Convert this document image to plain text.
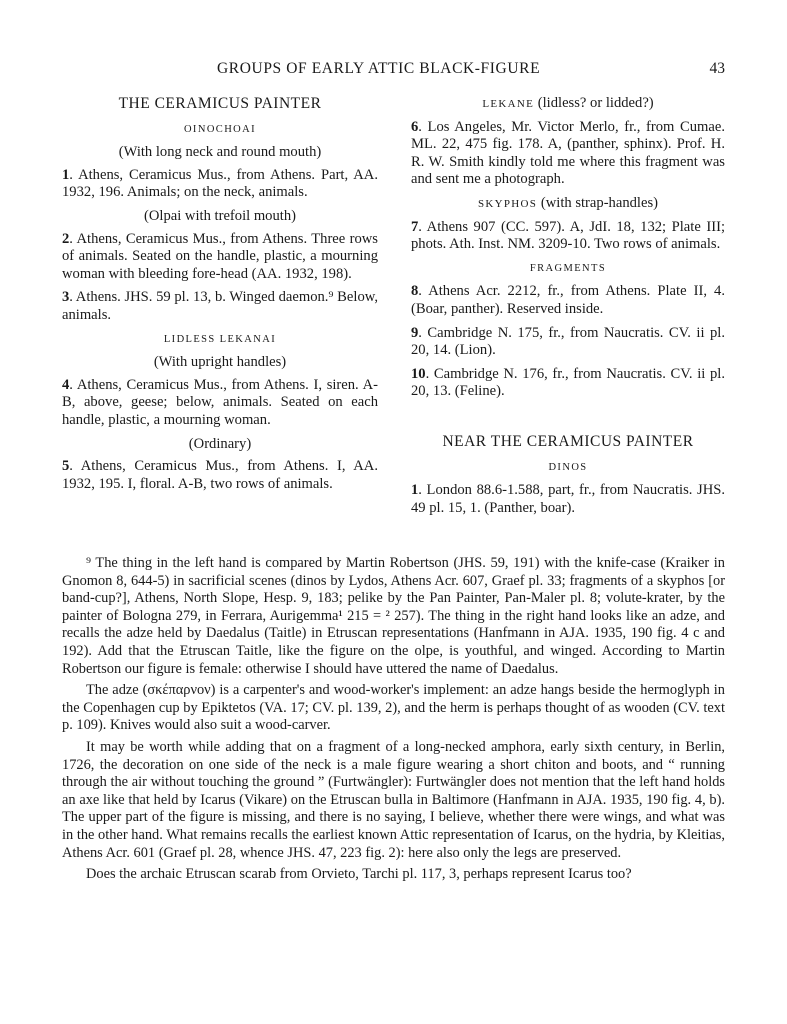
GROUPS OF EARLY ATTIC BLACK-FIGURE	43
THE CERAMICUS PAINTER
OINOCHOAI
(With long neck and round mouth)

1. Athens, Ceramicus Mus., from Athens. Part, AA. 1932, 196. Animals; on the neck, animals.

(Olpai with trefoil mouth)

2. Athens, Ceramicus Mus., from Athens. Three rows of animals. Seated on the handle, plastic, a mourning woman with bleeding fore-head (AA. 1932, 198).

3. Athens. JHS. 59 pl. 13, b. Winged daemon.⁹ Below, animals.

LIDLESS LEKANAI
(With upright handles)

4. Athens, Ceramicus Mus., from Athens. I, siren. A-B, above, geese; below, animals. Seated on each handle, plastic, a mourning woman.

(Ordinary)

5. Athens, Ceramicus Mus., from Athens. I, AA. 1932, 195. I, floral. A-B, two rows of animals.

LEKANE (lidless? or lidded?)

6. Los Angeles, Mr. Victor Merlo, fr., from Cumae. ML. 22, 475 fig. 178. A, (panther, sphinx). Prof. H. R. W. Smith kindly told me where this fragment was and sent me a photograph.

SKYPHOS (with strap-handles)

7. Athens 907 (CC. 597). A, JdI. 18, 132; Plate III; phots. Ath. Inst. NM. 3209-10. Two rows of animals.

FRAGMENTS

8. Athens Acr. 2212, fr., from Athens. Plate II, 4. (Boar, panther). Reserved inside.

9. Cambridge N. 175, fr., from Naucratis. CV. ii pl. 20, 14. (Lion).

10. Cambridge N. 176, fr., from Naucratis. CV. ii pl. 20, 13. (Feline).

NEAR THE CERAMICUS PAINTER
DINOS

1. London 88.6-1.588, part, fr., from Naucratis. JHS. 49 pl. 15, 1. (Panther, boar).

⁹ The thing in the left hand is compared by Martin Robertson (JHS. 59, 191) with the knife-case (Kraiker in Gnomon 8, 644-5) in sacrificial scenes (dinos by Lydos, Athens Acr. 607, Graef pl. 33; fragments of a skyphos [or band-cup?], Athens, North Slope, Hesp. 9, 183; pelike by the Pan Painter, Pan-Maler pl. 8; volute-krater, by the painter of Bologna 279, in Ferrara, Aurigemma¹ 215 = ² 257). The thing in the right hand looks like an adze, and recalls the adze held by Daedalus (Taitle) in Etruscan representations (Hanfmann in AJA. 1935, 190 fig. 4 c and 192). Add that the Etruscan Taitle, like the figure on the olpe, is youthful, and winged. According to Martin Robertson our figure is female: otherwise I should have uttered the name of Daedalus.

The adze (σκέπαρνον) is a carpenter's and wood-worker's implement: an adze hangs beside the hermoglyph in the Copenhagen cup by Epiktetos (VA. 17; CV. pl. 139, 2), and the herm is perhaps thought of as wooden (CV. text p. 109). Knives would also suit a wood-carver.

It may be worth while adding that on a fragment of a long-necked amphora, early sixth century, in Berlin, 1726, the decoration on one side of the neck is a male figure wearing a short chiton and boots, and “ running through the air without touching the ground ” (Furtwängler): Furtwängler does not mention that the left hand holds an axe like that held by Icarus (Vikare) on the Etruscan bulla in Baltimore (Hanfmann in AJA. 1935, 190 fig. 4, b). The upper part of the figure is missing, and there is no saying, I believe, whether there were wings, and what was in the other hand. What remains recalls the earliest known Attic representation of Icarus, on the hydria, by Kleitias, Athens Acr. 601 (Graef pl. 28, whence JHS. 47, 223 fig. 2): here also only the legs are preserved.

Does the archaic Etruscan scarab from Orvieto, Tarchi pl. 117, 3, perhaps represent Icarus too?
